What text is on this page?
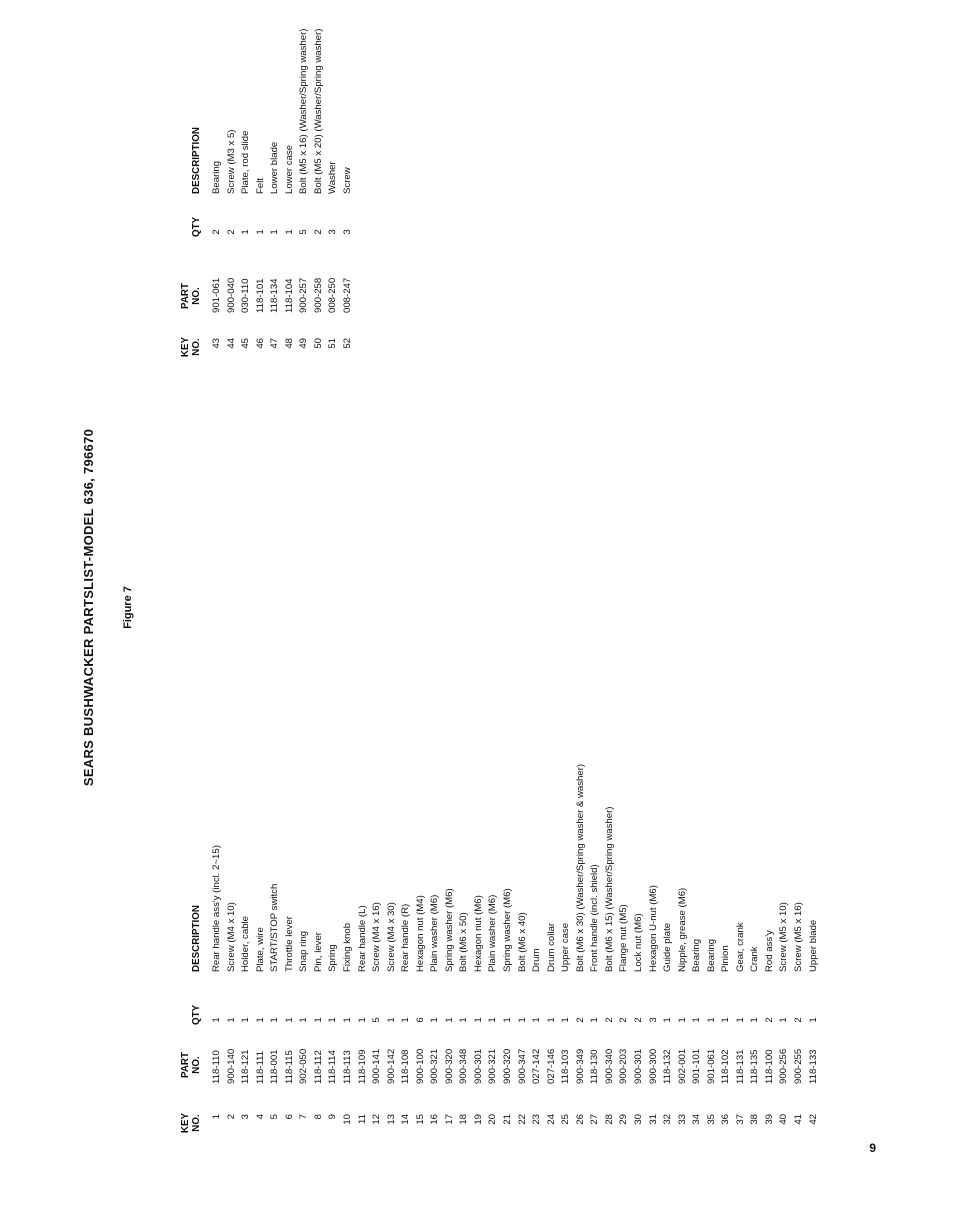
SEARS BUSHWACKER PARTSLIST-MODEL 636, 796670 Figure 7
KEY NO.
PART NO.
QTY
DESCRIPTION
1
118-110
1
Rear handle ass'y (incl. 2~15)
2
900-140
1
Screw (M4 x 10)
3
118-121
1
Holder, cable
4
118-111
1
Plate, wire
5
118-001
1
START/STOP switch
6
118-115
1
Throttle lever
7
902-050
1
Snap ring
8
118-112
1
Pin, lever
9
118-114
1
Spring
10
118-113
1
Fixing knob
11
118-109
1
Rear handle (L)
12
900-141
5
Screw (M4 x 16)
13
900-142
1
Screw (M4 x 30)
14
118-108
1
Rear handle (R)
15
900-100
6
Hexagon nut (M4)
16
900-321
1
Plain washer (M6)
17
900-320
1
Spring washer (M6)
18
900-348
1
Bolt (M6 x 50)
19
900-301
1
Hexagon nut (M6)
20
900-321
1
Plain washer (M6)
21
900-320
1
Spring washer (M6)
22
900-347
1
Bolt (M6 x 40)
23
027-142
1
Drum
24
027-146
1
Drum collar
25
118-103
1
Upper case
26
900-349
2
Bolt (M6 x 30) (Washer/Spring washer & washer)
27
118-130
1
Front handle (incl. shield)
28
900-340
2
Bolt (M6 x 15) (Washer/Spring washer)
29
900-203
2
Flange nut (M5)
30
900-301
2
Lock nut (M6)
31
900-300
3
Hexagon U-nut (M6)
32
118-132
1
Guide plate
33
902-001
1
Nipple, grease (M6)
34
901-101
1
Bearing
35
901-061
1
Bearing
36
118-102
1
Pinion
37
118-131
1
Gear, crank
38
118-135
1
Crank
39
118-100
2
Rod ass'y
40
900-256
1
Screw (M5 x 10)
41
900-255
2
Screw (M5 x 16)
42
118-133
1
Upper blade
KEY NO.
PART NO.
QTY
DESCRIPTION
43
901-061
2
Bearing
44
900-040
2
Screw (M3 x 5)
45
030-110
1
Plate, rod slide
46
118-101
1
Felt
47
118-134
1
Lower blade
48
118-104
1
Lower case
49
900-257
5
Bolt (M5 x 16) (Washer/Spring washer)
50
900-258
2
Bolt (M5 x 20) (Washer/Spring washer)
51
008-250
3
Washer
52
008-247
3
Screw
9
